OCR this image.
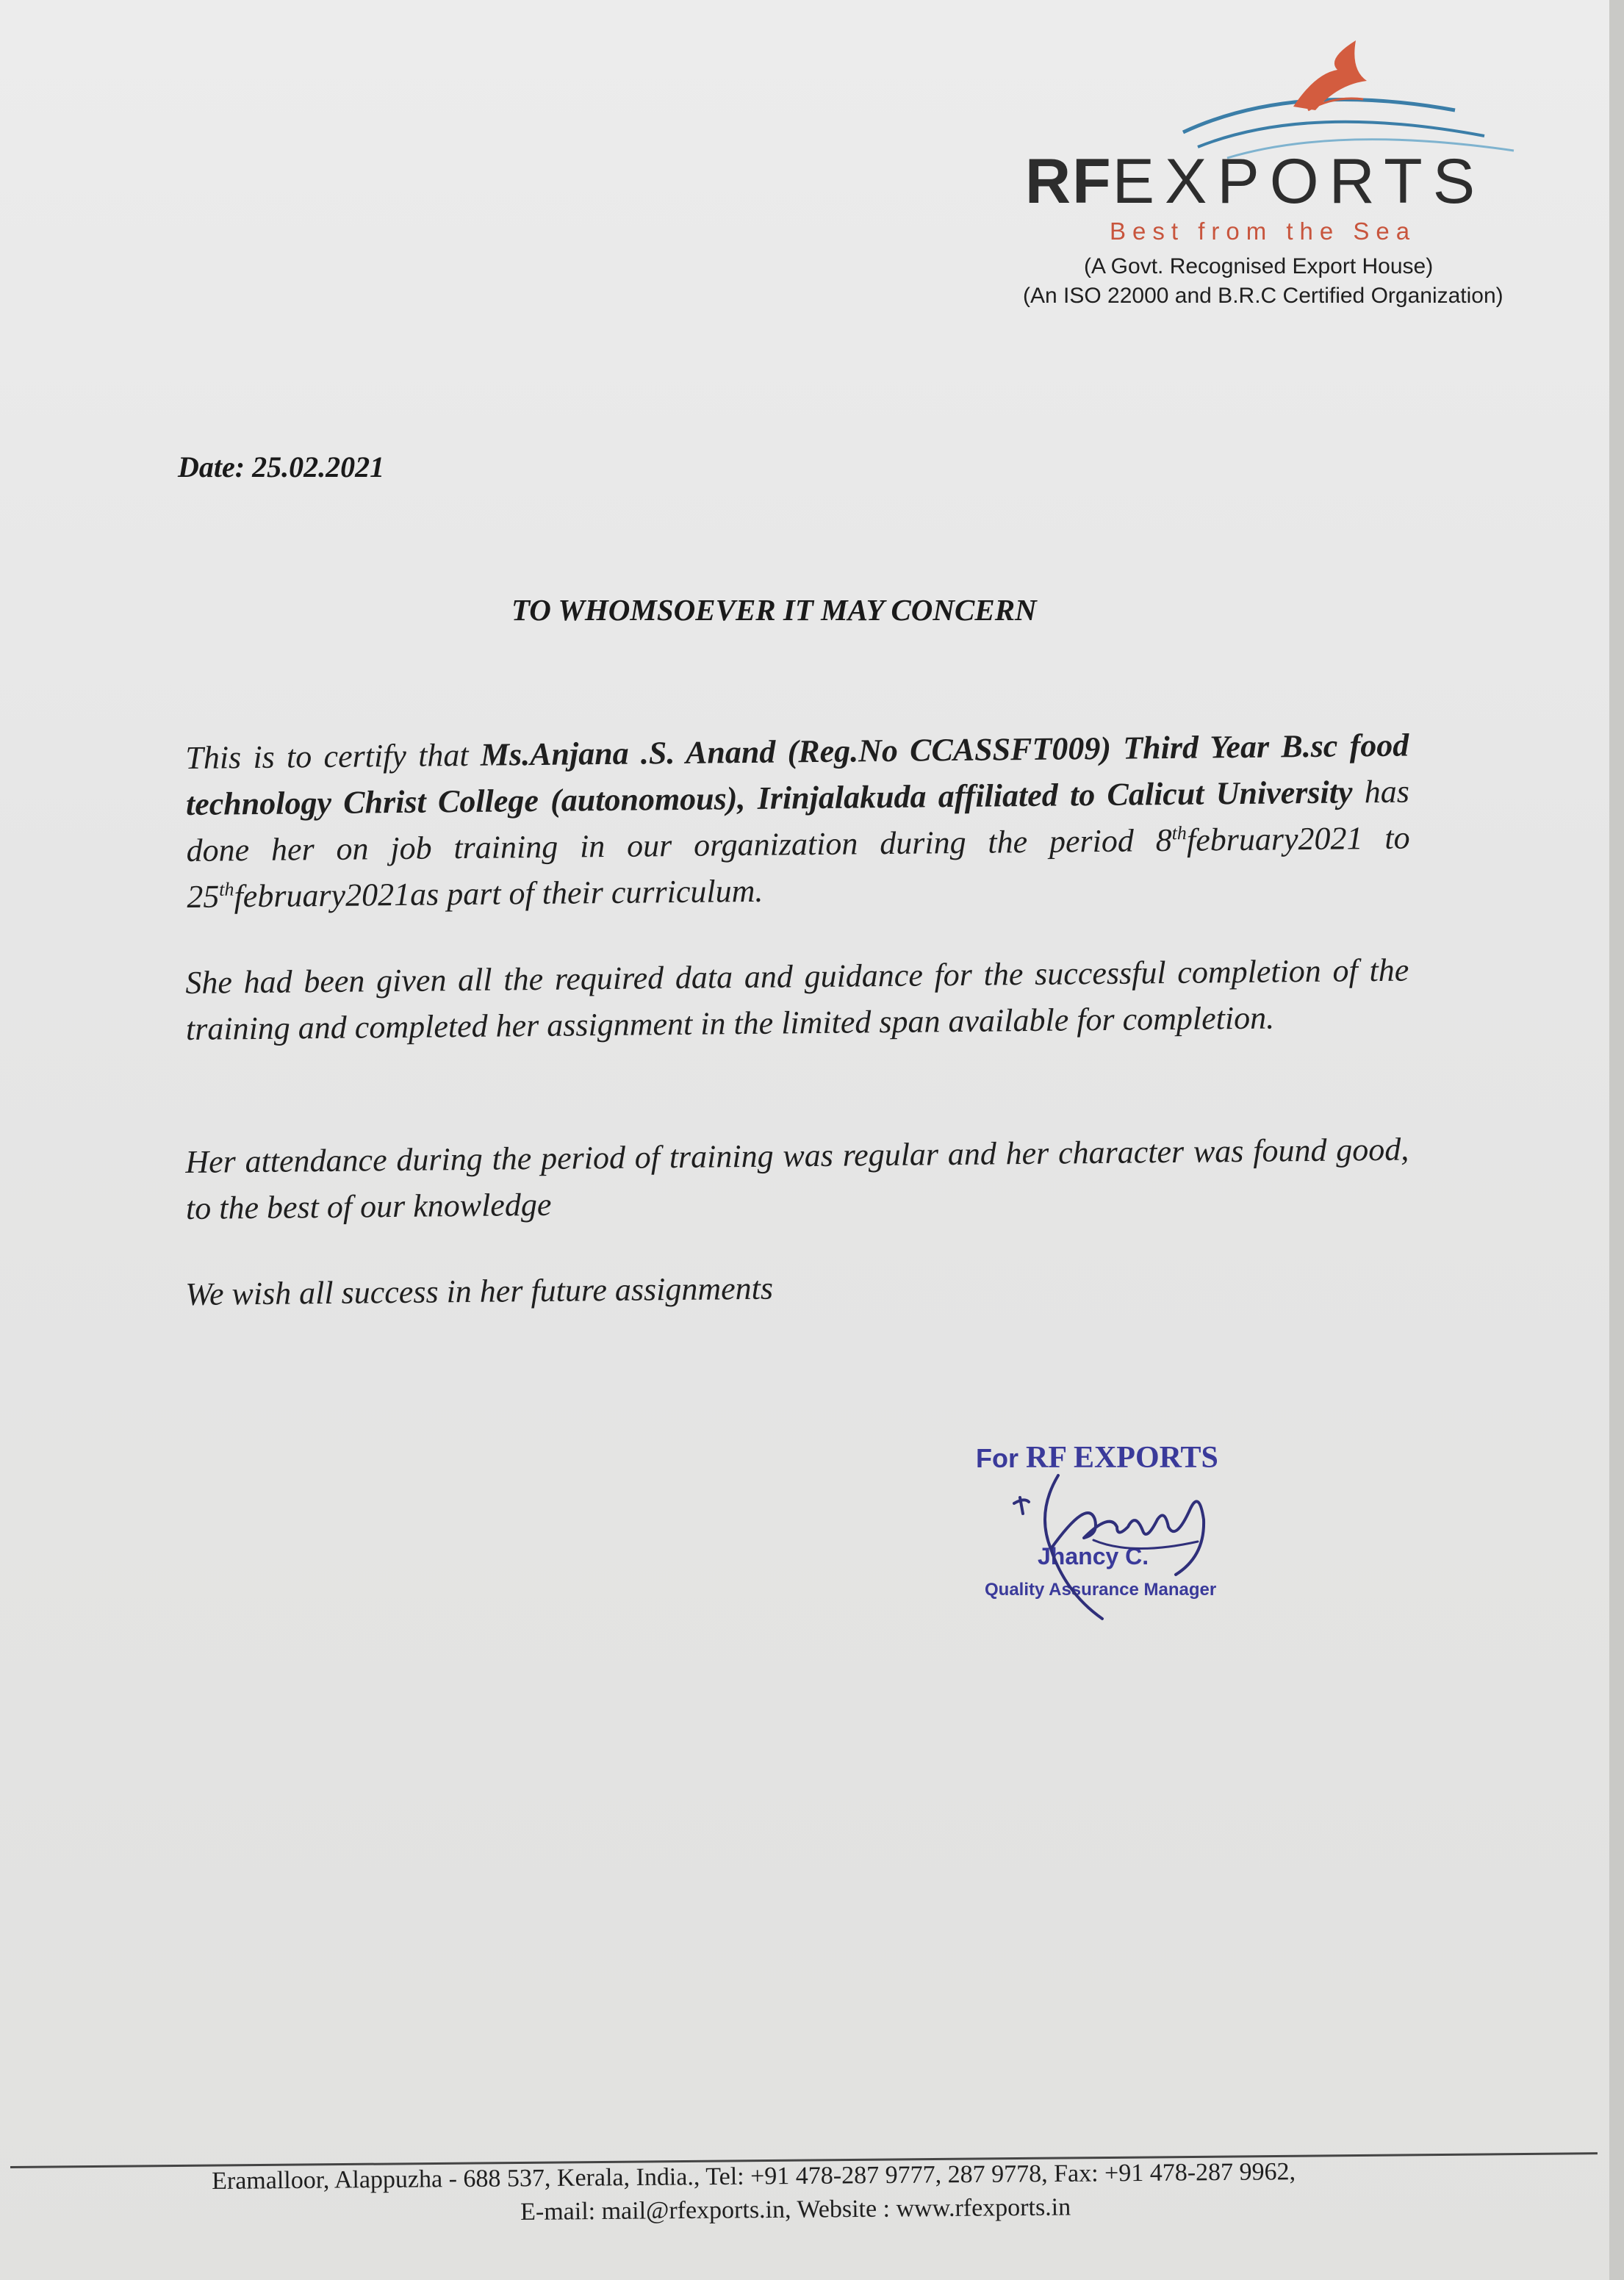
RFEXPORTS
Best from the Sea
(A Govt. Recognised Export House)
(An ISO 22000 and B.R.C Certified Organization)
Date: 25.02.2021
TO WHOMSOEVER IT MAY CONCERN
This is to certify that Ms.Anjana .S. Anand (Reg.No CCASSFT009) Third Year B.sc food technology Christ College (autonomous), Irinjalakuda affiliated to Calicut University has done her on job training in our organization during the period 8thfebruary2021 to 25thfebruary2021as part of their curriculum.
She had been given all the required data and guidance for the successful completion of the training and completed her assignment in the limited span available for completion.
Her attendance during the period of training was regular and her character was found good, to the best of our knowledge
We wish all success in her future assignments
For RF EXPORTS
Jhancy C.
Quality Assurance Manager
Eramalloor, Alappuzha - 688 537, Kerala, India., Tel: +91 478-287 9777, 287 9778, Fax: +91 478-287 9962,
E-mail: mail@rfexports.in, Website : www.rfexports.in
